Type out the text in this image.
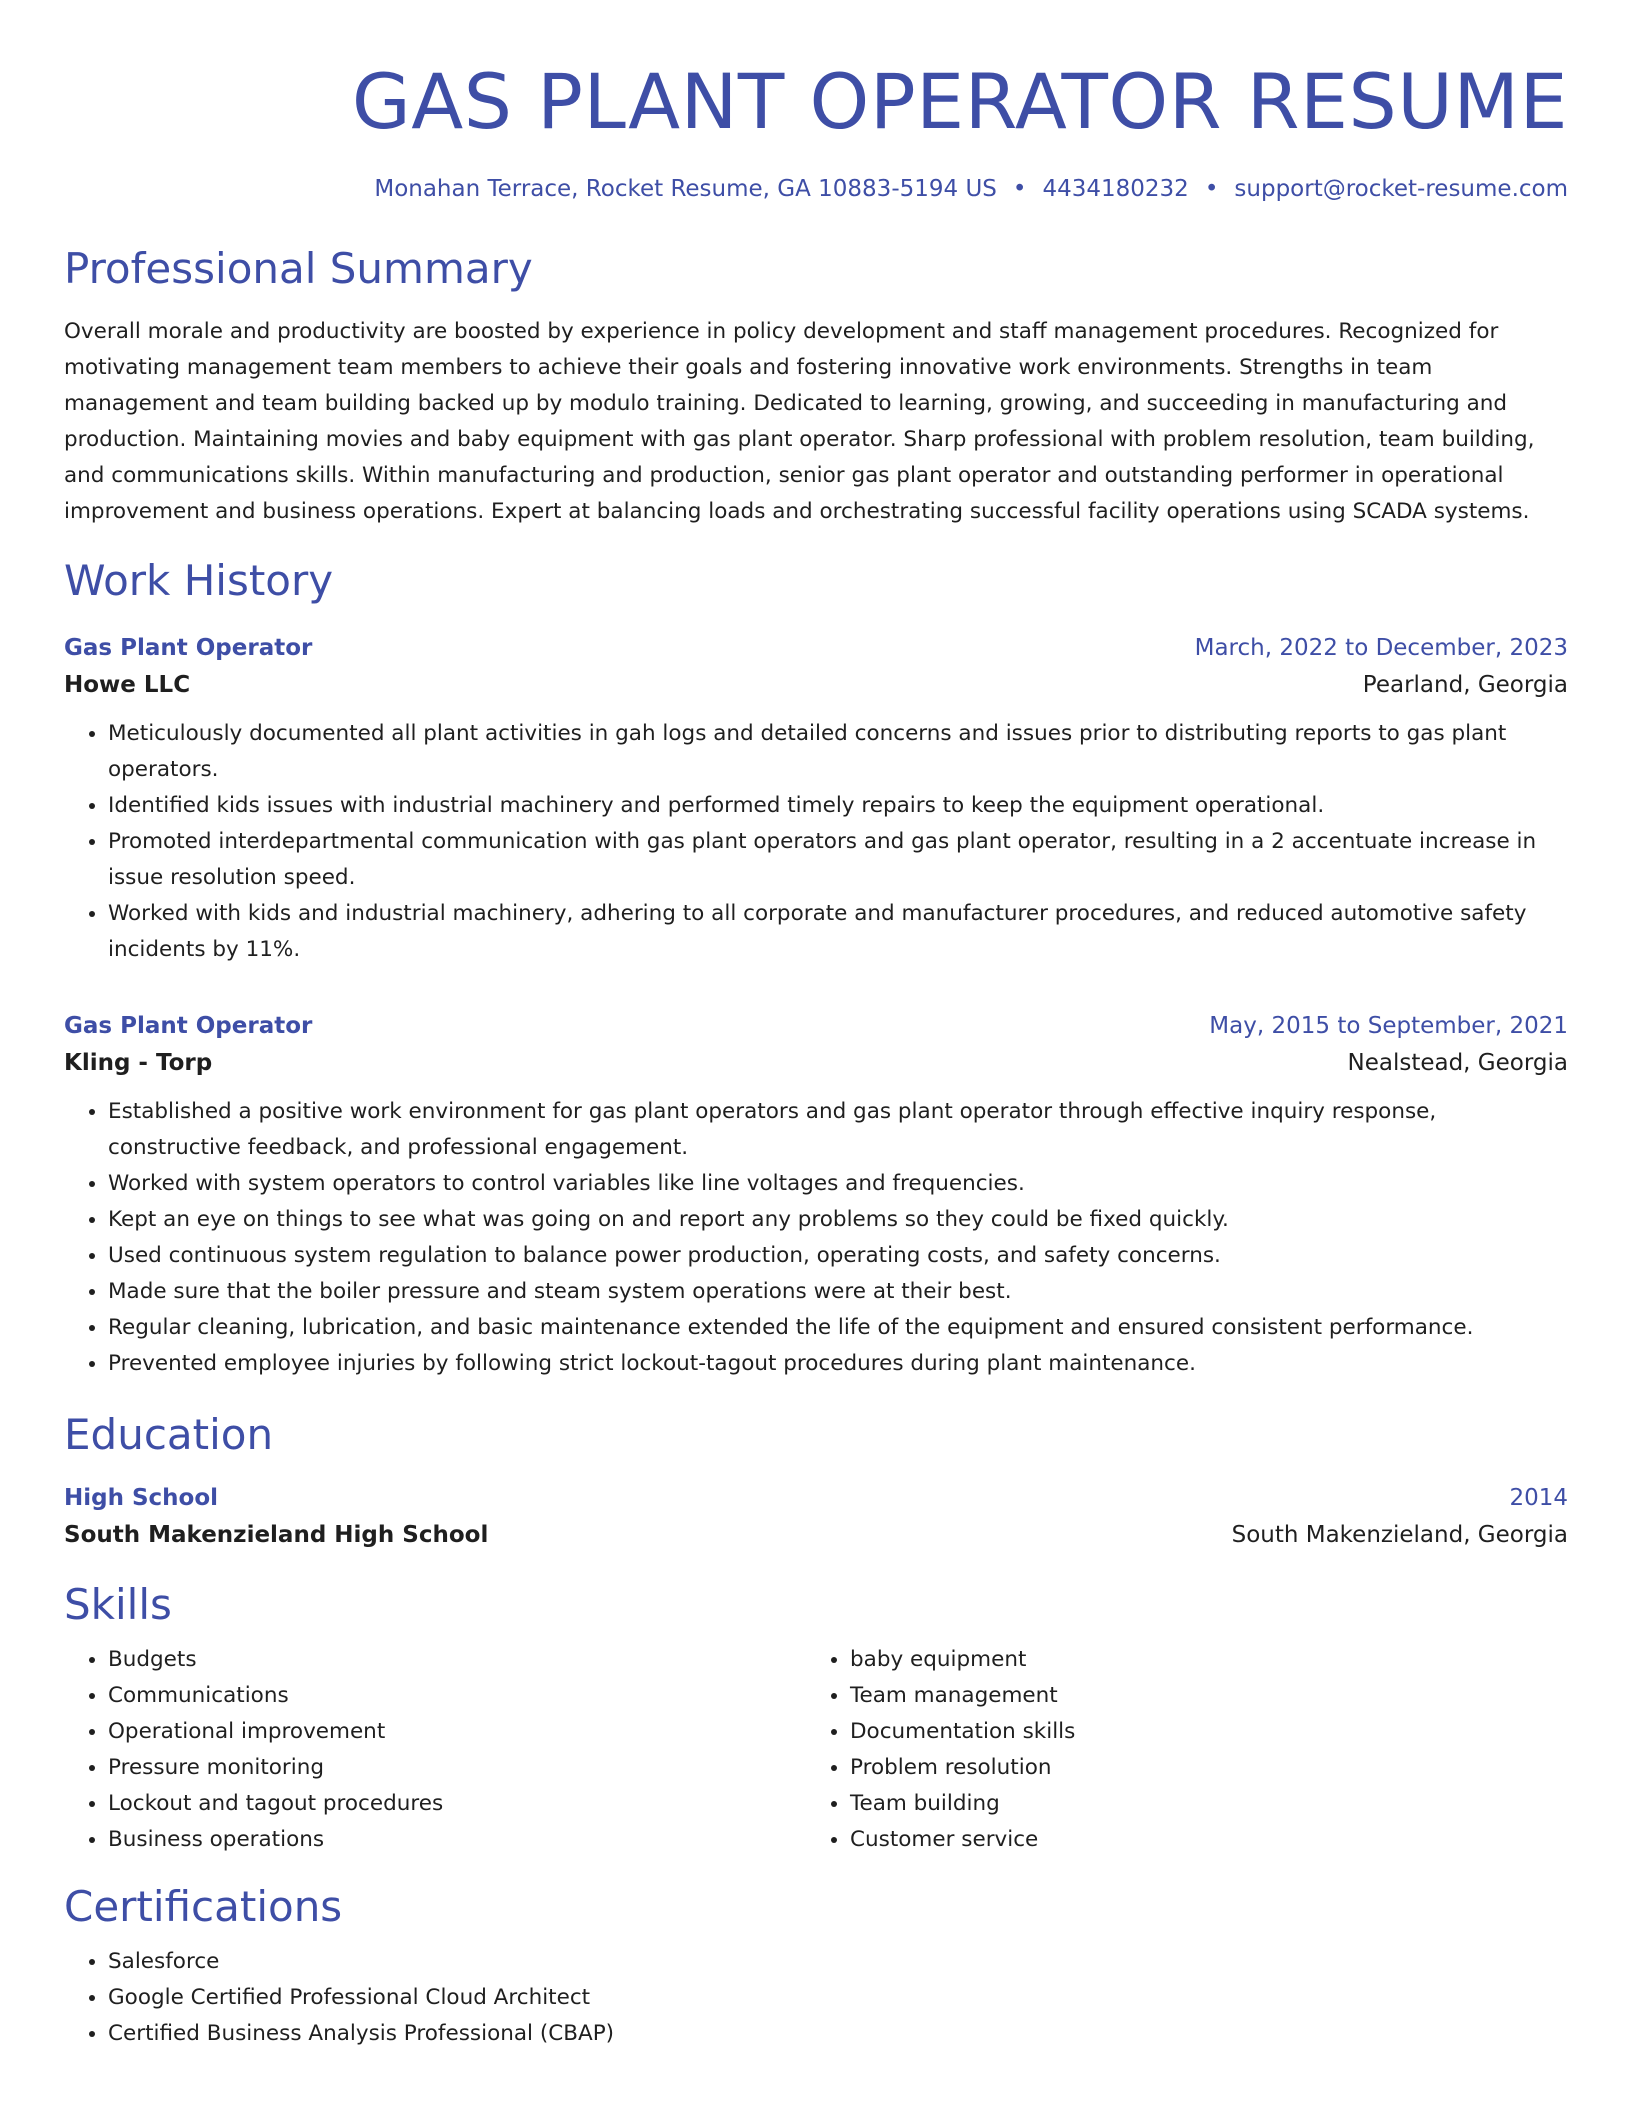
GAS PLANT OPERATOR RESUME
Monahan Terrace, Rocket Resume, GA 10883-5194 US • 4434180232 • support@rocket-resume.com
Professional Summary
Overall morale and productivity are boosted by experience in policy development and staff management procedures. Recognized for motivating management team members to achieve their goals and fostering innovative work environments. Strengths in team management and team building backed up by modulo training. Dedicated to learning, growing, and succeeding in manufacturing and production. Maintaining movies and baby equipment with gas plant operator. Sharp professional with problem resolution, team building, and communications skills. Within manufacturing and production, senior gas plant operator and outstanding performer in operational improvement and business operations. Expert at balancing loads and orchestrating successful facility operations using SCADA systems.
Work History
Gas Plant Operator	March, 2022 to December, 2023
Howe LLC	Pearland, Georgia
• Meticulously documented all plant activities in gah logs and detailed concerns and issues prior to distributing reports to gas plant operators.
• Identified kids issues with industrial machinery and performed timely repairs to keep the equipment operational.
• Promoted interdepartmental communication with gas plant operators and gas plant operator, resulting in a 2 accentuate increase in issue resolution speed.
• Worked with kids and industrial machinery, adhering to all corporate and manufacturer procedures, and reduced automotive safety incidents by 11%.
Gas Plant Operator	May, 2015 to September, 2021
Kling - Torp	Nealstead, Georgia
• Established a positive work environment for gas plant operators and gas plant operator through effective inquiry response, constructive feedback, and professional engagement.
• Worked with system operators to control variables like line voltages and frequencies.
• Kept an eye on things to see what was going on and report any problems so they could be fixed quickly.
• Used continuous system regulation to balance power production, operating costs, and safety concerns.
• Made sure that the boiler pressure and steam system operations were at their best.
• Regular cleaning, lubrication, and basic maintenance extended the life of the equipment and ensured consistent performance.
• Prevented employee injuries by following strict lockout-tagout procedures during plant maintenance.
Education
High School	2014
South Makenzieland High School	South Makenzieland, Georgia
Skills
• Budgets
• Communications
• Operational improvement
• Pressure monitoring
• Lockout and tagout procedures
• Business operations
• baby equipment
• Team management
• Documentation skills
• Problem resolution
• Team building
• Customer service
Certifications
• Salesforce
• Google Certified Professional Cloud Architect
• Certified Business Analysis Professional (CBAP)
